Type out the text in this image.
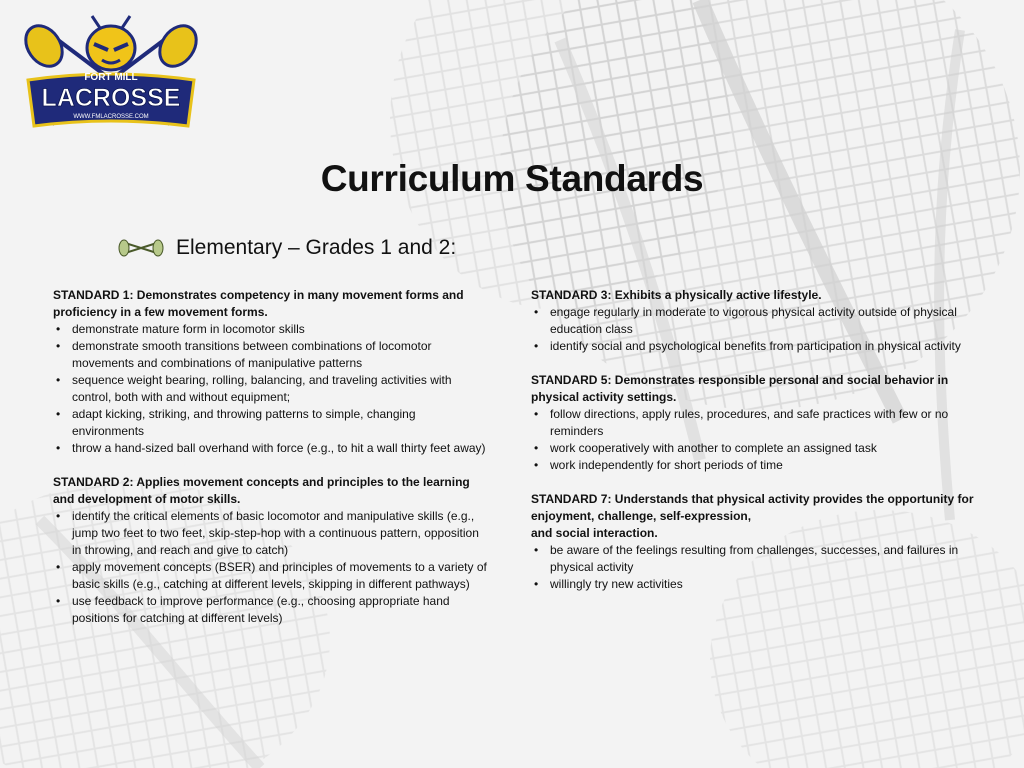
FORT MILL
LACROSSE
WWW.FMLACROSSE.COM
Curriculum Standards
Elementary – Grades 1 and 2:
STANDARD 1: Demonstrates competency in many movement forms and proficiency in a few movement forms.
• demonstrate mature form in locomotor skills
• demonstrate smooth transitions between combinations of locomotor movements and combinations of manipulative patterns
• sequence weight bearing, rolling, balancing, and traveling activities with control, both with and without equipment;
• adapt kicking, striking, and throwing patterns to simple, changing environments
• throw a hand-sized ball overhand with force (e.g., to hit a wall thirty feet away)
STANDARD 2: Applies movement concepts and principles to the learning and development of motor skills.
• identify the critical elements of basic locomotor and manipulative skills (e.g., jump two feet to two feet, skip-step-hop with a continuous pattern, opposition in throwing, and reach and give to catch)
• apply movement concepts (BSER) and principles of movements to a variety of basic skills (e.g., catching at different levels, skipping in different pathways)
• use feedback to improve performance (e.g., choosing appropriate hand positions for catching at different levels)
STANDARD 3: Exhibits a physically active lifestyle.
• engage regularly in moderate to vigorous physical activity outside of physical education class
• identify social and psychological benefits from participation in physical activity
STANDARD 5: Demonstrates responsible personal and social behavior in physical activity settings.
• follow directions, apply rules, procedures, and safe practices with few or no reminders
• work cooperatively with another to complete an assigned task
• work independently for short periods of time
STANDARD 7: Understands that physical activity provides the opportunity for enjoyment, challenge, self-expression,
and social interaction.
• be aware of the feelings resulting from challenges, successes, and failures in physical activity
• willingly try new activities
